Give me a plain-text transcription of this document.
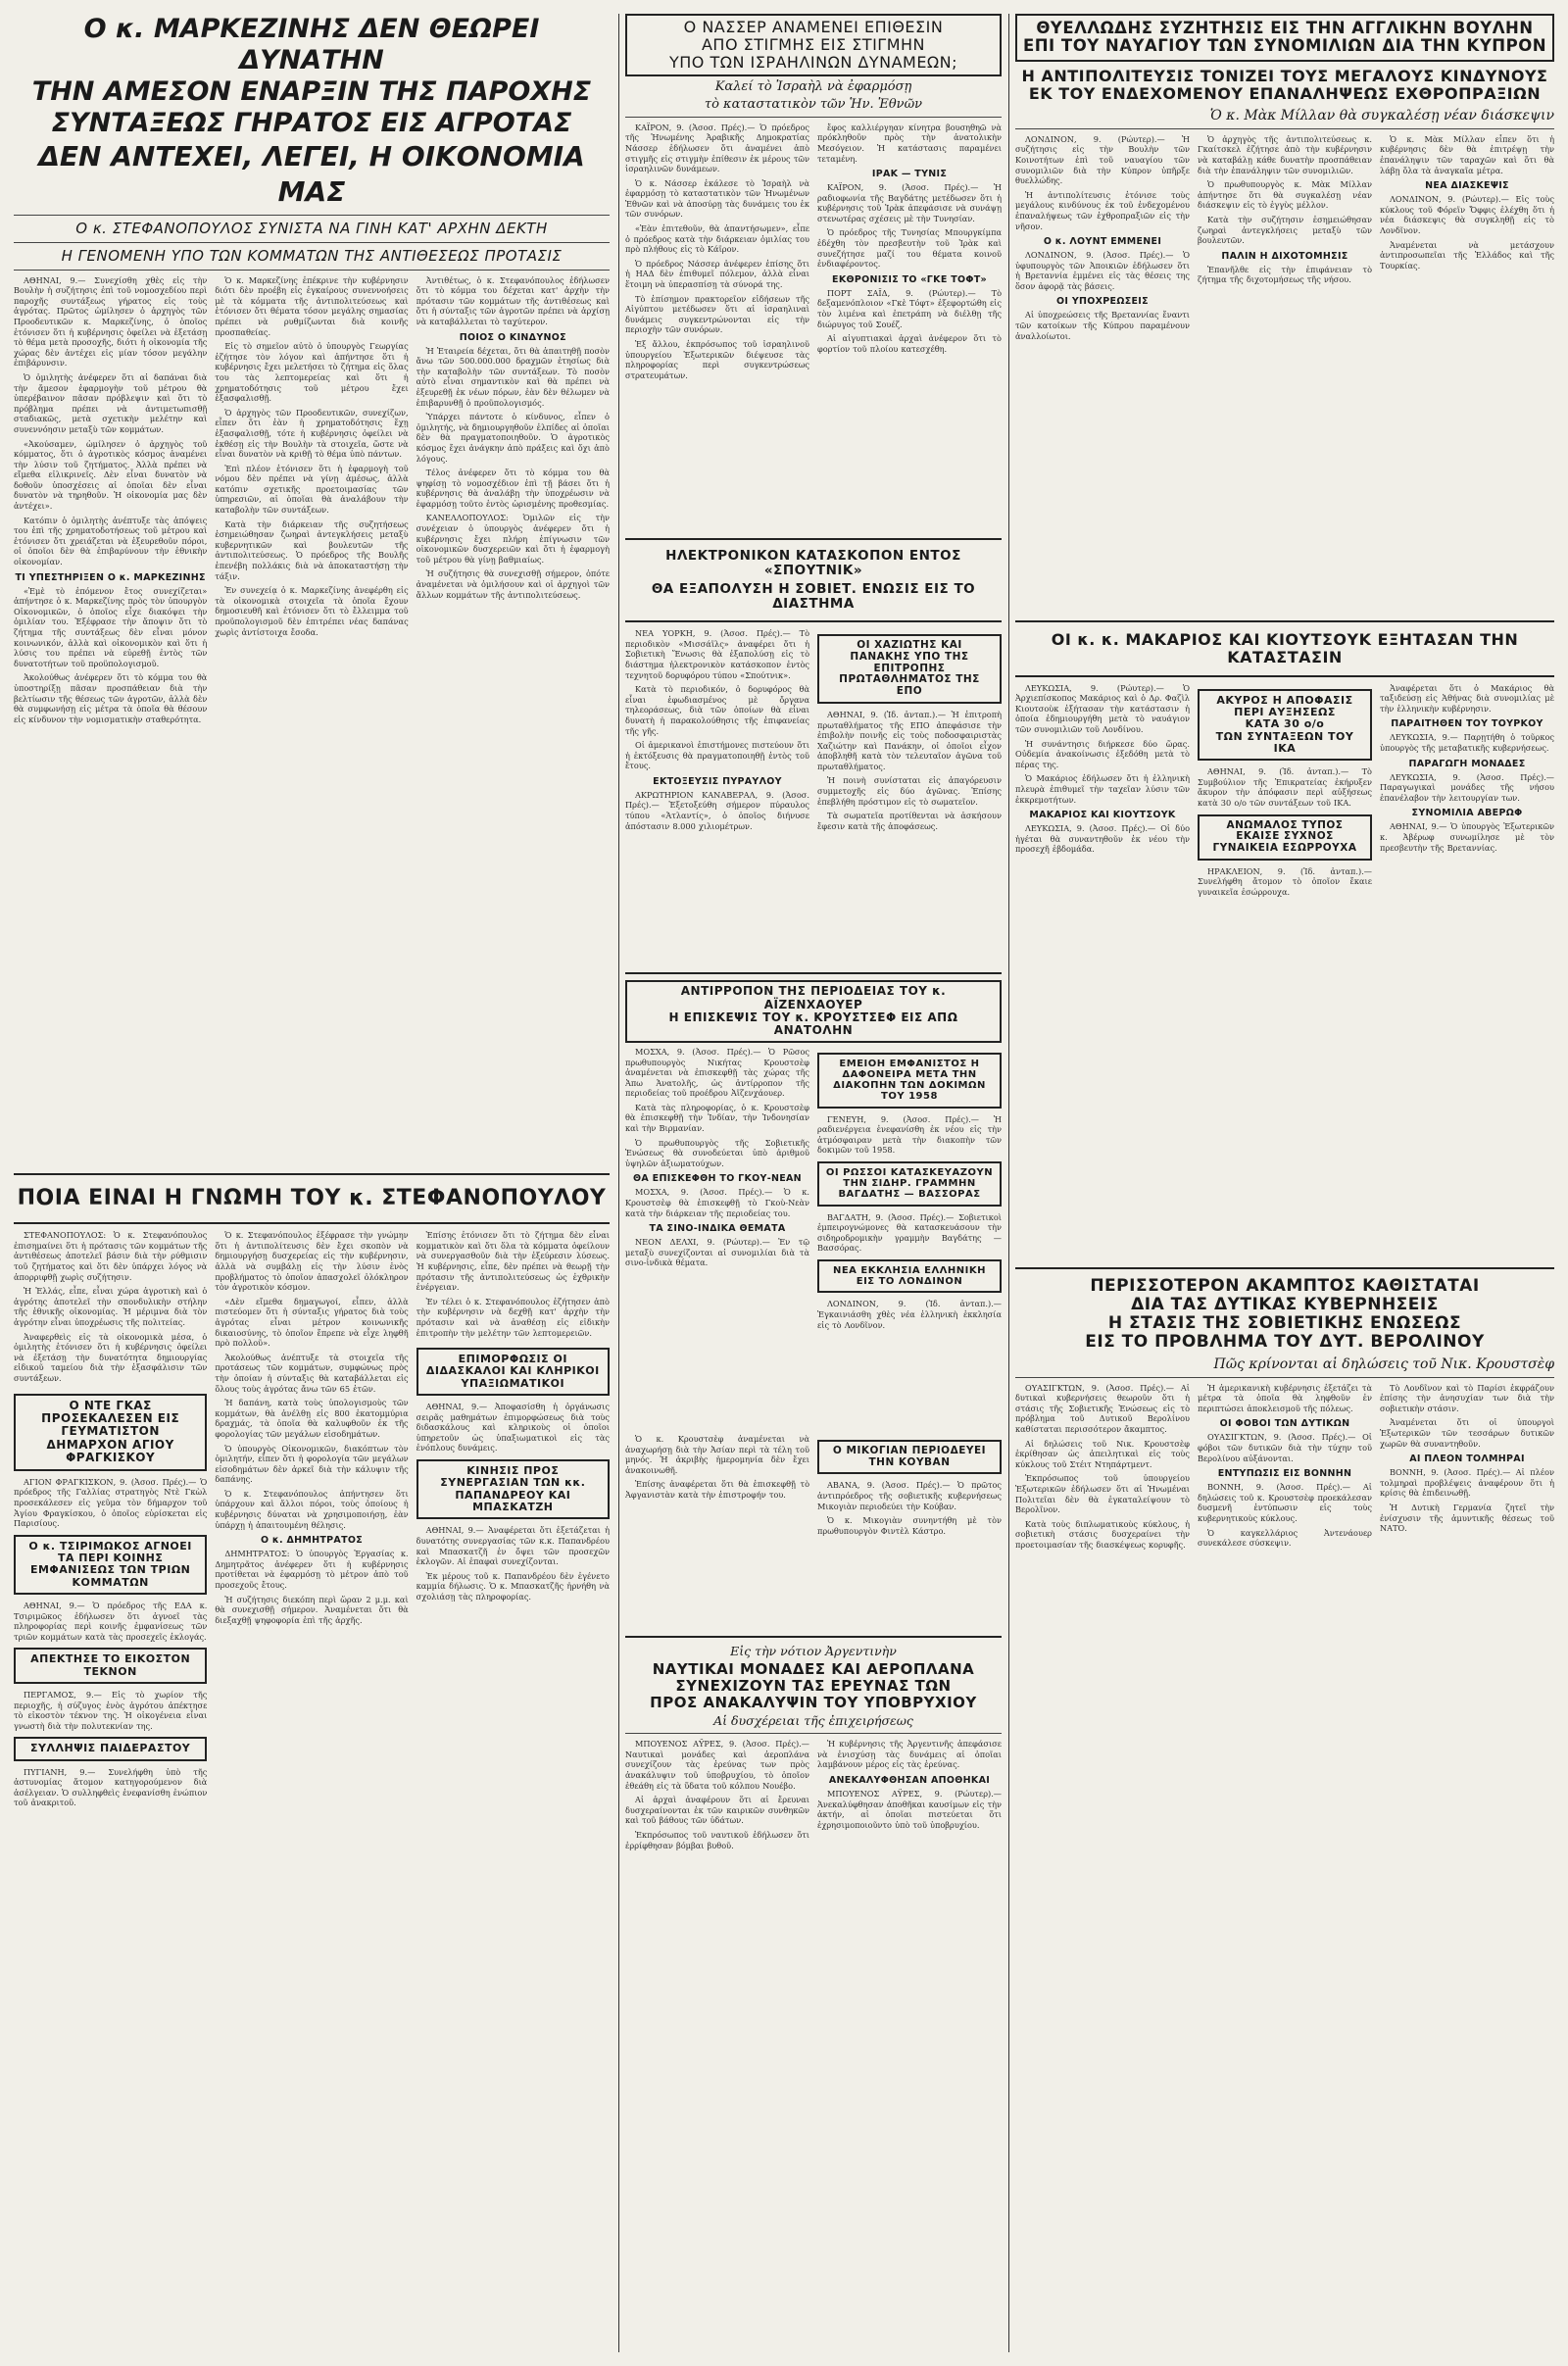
Ο κ. ΜΑΡΚΕΖΙΝΗΣ ΔΕΝ ΘΕΩΡΕΙ ΔΥΝΑΤΗΝ
ΤΗΝ ΑΜΕΣΟΝ ΕΝΑΡΞΙΝ ΤΗΣ ΠΑΡΟΧΗΣ
ΣΥΝΤΑΞΕΩΣ ΓΗΡΑΤΟΣ ΕΙΣ ΑΓΡΟΤΑΣ
ΔΕΝ ΑΝΤΕΧΕΙ, ΛΕΓΕΙ, Η ΟΙΚΟΝΟΜΙΑ ΜΑΣ
Ο κ. ΣΤΕΦΑΝΟΠΟΥΛΟΣ ΣΥΝΙΣΤΑ ΝΑ ΓΙΝΗ ΚΑΤ' ΑΡΧΗΝ ΔΕΚΤΗ
Η ΓΕΝΟΜΕΝΗ ΥΠΟ ΤΩΝ ΚΟΜΜΑΤΩΝ ΤΗΣ ΑΝΤΙΘΕΣΕΩΣ ΠΡΟΤΑΣΙΣ

ΑΘΗΝΑΙ, 9.— Συνεχίσθη χθὲς εἰς τὴν Βουλὴν ἡ συζήτησις ἐπὶ τοῦ νομοσχεδίου περὶ παροχῆς συντάξεως γήρατος εἰς τοὺς ἀγρότας. Πρῶτος ὡμίλησεν ὁ ἀρχηγὸς τῶν Προοδευτικῶν κ. Μαρκεζίνης, ὁ ὁποῖος ἐτόνισεν ὅτι ἡ κυβέρνησις ὀφείλει νὰ ἐξετάσῃ τὸ θέμα μετὰ προσοχῆς, διότι ἡ οἰκονομία τῆς χώρας δὲν ἀντέχει εἰς μίαν τόσον μεγάλην ἐπιβάρυνσιν.

Ὁ ὁμιλητὴς ἀνέφερεν ὅτι αἱ δαπάναι διὰ τὴν ἄμεσον ἐφαρμογὴν τοῦ μέτρου θὰ ὑπερέβαινον πᾶσαν πρόβλεψιν καὶ ὅτι τὸ πρόβλημα πρέπει νὰ ἀντιμετωπισθῇ σταδιακῶς, μετὰ σχετικὴν μελέτην καὶ συνεννόησιν μεταξὺ τῶν κομμάτων.

«Ἀκούσαμεν, ὡμίλησεν ὁ ἀρχηγὸς τοῦ κόμματος, ὅτι ὁ ἀγροτικὸς κόσμος ἀναμένει τὴν λύσιν τοῦ ζητήματος. Ἀλλὰ πρέπει νὰ εἴμεθα εἰλικρινεῖς. Δὲν εἶναι δυνατὸν νὰ δοθοῦν ὑποσχέσεις αἱ ὁποῖαι δὲν εἶναι δυνατὸν νὰ τηρηθοῦν. Ἡ οἰκονομία μας δὲν ἀντέχει».

Κατόπιν ὁ ὁμιλητὴς ἀνέπτυξε τὰς ἀπόψεις του ἐπὶ τῆς χρηματοδοτήσεως τοῦ μέτρου καὶ ἐτόνισεν ὅτι χρειάζεται νὰ ἐξευρεθοῦν πόροι, οἱ ὁποῖοι δὲν θὰ ἐπιβαρύνουν τὴν ἐθνικὴν οἰκονομίαν.

ΤΙ ΥΠΕΣΤΗΡΙΞΕΝ Ο κ. ΜΑΡΚΕΖΙΝΗΣ

«Ἐμὲ τὸ ἐπόμενον ἔτος συνεχίζεται» ἀπήντησε ὁ κ. Μαρκεζίνης πρὸς τὸν ὑπουργὸν Οἰκονομικῶν, ὁ ὁποῖος εἶχε διακόψει τὴν ὁμιλίαν του. Ἐξέφρασε τὴν ἄποψιν ὅτι τὸ ζήτημα τῆς συντάξεως δὲν εἶναι μόνον κοινωνικόν, ἀλλὰ καὶ οἰκονομικὸν καὶ ὅτι ἡ λύσις του πρέπει νὰ εὑρεθῇ ἐντὸς τῶν δυνατοτήτων τοῦ προϋπολογισμοῦ.

Ἀκολούθως ἀνέφερεν ὅτι τὸ κόμμα του θὰ ὑποστηρίξῃ πᾶσαν προσπάθειαν διὰ τὴν βελτίωσιν τῆς θέσεως τῶν ἀγροτῶν, ἀλλὰ δὲν θὰ συμφωνήσῃ εἰς μέτρα τὰ ὁποῖα θὰ θέσουν εἰς κίνδυνον τὴν νομισματικὴν σταθερότητα.

Ὁ κ. Μαρκεζίνης ἐπέκρινε τὴν κυβέρνησιν διότι δὲν προέβη εἰς ἐγκαίρους συνεννοήσεις μὲ τὰ κόμματα τῆς ἀντιπολιτεύσεως καὶ ἐτόνισεν ὅτι θέματα τόσον μεγάλης σημασίας πρέπει νὰ ρυθμίζωνται διὰ κοινῆς προσπαθείας.

Εἰς τὸ σημεῖον αὐτὸ ὁ ὑπουργὸς Γεωργίας ἐζήτησε τὸν λόγον καὶ ἀπήντησε ὅτι ἡ κυβέρνησις ἔχει μελετήσει τὸ ζήτημα εἰς ὅλας του τὰς λεπτομερείας καὶ ὅτι ἡ χρηματοδότησις τοῦ μέτρου ἔχει ἐξασφαλισθῇ.

Ὁ ἀρχηγὸς τῶν Προοδευτικῶν, συνεχίζων, εἶπεν ὅτι ἐὰν ἡ χρηματοδότησις ἔχῃ ἐξασφαλισθῇ, τότε ἡ κυβέρνησις ὀφείλει νὰ ἐκθέσῃ εἰς τὴν Βουλὴν τὰ στοιχεῖα, ὥστε νὰ εἶναι δυνατὸν νὰ κριθῇ τὸ θέμα ὑπὸ πάντων.

Ἐπὶ πλέον ἐτόνισεν ὅτι ἡ ἐφαρμογὴ τοῦ νόμου δὲν πρέπει νὰ γίνῃ ἀμέσως, ἀλλὰ κατόπιν σχετικῆς προετοιμασίας τῶν ὑπηρεσιῶν, αἱ ὁποῖαι θὰ ἀναλάβουν τὴν καταβολὴν τῶν συντάξεων.

Κατὰ τὴν διάρκειαν τῆς συζητήσεως ἐσημειώθησαν ζωηραὶ ἀντεγκλήσεις μεταξὺ κυβερνητικῶν καὶ βουλευτῶν τῆς ἀντιπολιτεύσεως. Ὁ πρόεδρος τῆς Βουλῆς ἐπενέβη πολλάκις διὰ νὰ ἀποκαταστήσῃ τὴν τάξιν.

Ἐν συνεχείᾳ ὁ κ. Μαρκεζίνης ἀνεφέρθη εἰς τὰ οἰκονομικὰ στοιχεῖα τὰ ὁποῖα ἔχουν δημοσιευθῆ καὶ ἐτόνισεν ὅτι τὸ ἔλλειμμα τοῦ προϋπολογισμοῦ δὲν ἐπιτρέπει νέας δαπάνας χωρὶς ἀντίστοιχα ἔσοδα.

Ἀντιθέτως, ὁ κ. Στεφανόπουλος ἐδήλωσεν ὅτι τὸ κόμμα του δέχεται κατ' ἀρχὴν τὴν πρότασιν τῶν κομμάτων τῆς ἀντιθέσεως καὶ ὅτι ἡ σύνταξις τῶν ἀγροτῶν πρέπει νὰ ἀρχίσῃ νὰ καταβάλλεται τὸ ταχύτερον.

ΠΟΙΟΣ Ο ΚΙΝΔΥΝΟΣ

Ἡ Ἑταιρεία δέχεται, ὅτι θὰ ἀπαιτηθῇ ποσὸν ἄνω τῶν 500.000.000 δραχμῶν ἐτησίως διὰ τὴν καταβολὴν τῶν συντάξεων. Τὸ ποσὸν αὐτὸ εἶναι σημαντικὸν καὶ θὰ πρέπει νὰ ἐξευρεθῇ ἐκ νέων πόρων, ἐὰν δὲν θέλωμεν νὰ ἐπιβαρυνθῇ ὁ προϋπολογισμός.

Ὑπάρχει πάντοτε ὁ κίνδυνος, εἶπεν ὁ ὁμιλητής, νὰ δημιουργηθοῦν ἐλπίδες αἱ ὁποῖαι δὲν θὰ πραγματοποιηθοῦν. Ὁ ἀγροτικὸς κόσμος ἔχει ἀνάγκην ἀπὸ πράξεις καὶ ὄχι ἀπὸ λόγους.

Τέλος ἀνέφερεν ὅτι τὸ κόμμα του θὰ ψηφίσῃ τὸ νομοσχέδιον ἐπὶ τῇ βάσει ὅτι ἡ κυβέρνησις θὰ ἀναλάβῃ τὴν ὑποχρέωσιν νὰ ἐφαρμόσῃ τοῦτο ἐντὸς ὡρισμένης προθεσμίας.

ΚΑΝΕΛΛΟΠΟΥΛΟΣ: Ὁμιλῶν εἰς τὴν συνέχειαν ὁ ὑπουργὸς ἀνέφερεν ὅτι ἡ κυβέρνησις ἔχει πλήρη ἐπίγνωσιν τῶν οἰκονομικῶν δυσχερειῶν καὶ ὅτι ἡ ἐφαρμογὴ τοῦ μέτρου θὰ γίνῃ βαθμιαίως.

Ἡ συζήτησις θὰ συνεχισθῇ σήμερον, ὁπότε ἀναμένεται νὰ ὁμιλήσουν καὶ οἱ ἀρχηγοὶ τῶν ἄλλων κομμάτων τῆς ἀντιπολιτεύσεως.

ΠΟΙΑ ΕΙΝΑΙ Η ΓΝΩΜΗ ΤΟΥ κ. ΣΤΕΦΑΝΟΠΟΥΛΟΥ

ΣΤΕΦΑΝΟΠΟΥΛΟΣ: Ὁ κ. Στεφανόπουλος ἐπισημαίνει ὅτι ἡ πρότασις τῶν κομμάτων τῆς ἀντιθέσεως ἀποτελεῖ βάσιν διὰ τὴν ρύθμισιν τοῦ ζητήματος καὶ ὅτι δὲν ὑπάρχει λόγος νὰ ἀπορριφθῇ χωρὶς συζήτησιν.

Ἡ Ἑλλάς, εἶπε, εἶναι χώρα ἀγροτικὴ καὶ ὁ ἀγρότης ἀποτελεῖ τὴν σπονδυλικὴν στήλην τῆς ἐθνικῆς οἰκονομίας. Ἡ μέριμνα διὰ τὸν ἀγρότην εἶναι ὑποχρέωσις τῆς πολιτείας.

Ἀναφερθεὶς εἰς τὰ οἰκονομικὰ μέσα, ὁ ὁμιλητὴς ἐτόνισεν ὅτι ἡ κυβέρνησις ὀφείλει νὰ ἐξετάσῃ τὴν δυνατότητα δημιουργίας εἰδικοῦ ταμείου διὰ τὴν ἐξασφάλισιν τῶν συντάξεων.

Ο ΝΤΕ ΓΚΑΣ ΠΡΟΣΕΚΑΛΕΣΕΝ ΕΙΣ ΓΕΥΜΑΤΙΣΤΟΝ ΔΗΜΑΡΧΟΝ ΑΓΙΟΥ ΦΡΑΓΚΙΣΚΟΥ

ΑΓΙΟΝ ΦΡΑΓΚΙΣΚΟΝ, 9. (Ἀσοσ. Πρές).— Ὁ πρόεδρος τῆς Γαλλίας στρατηγὸς Ντὲ Γκὼλ προσεκάλεσεν εἰς γεῦμα τὸν δήμαρχον τοῦ Ἁγίου Φραγκίσκου, ὁ ὁποῖος εὑρίσκεται εἰς Παρισίους.

Ο κ. ΤΣΙΡΙΜΩΚΟΣ ΑΓΝΟΕΙ ΤΑ ΠΕΡΙ ΚΟΙΝΗΣ ΕΜΦΑΝΙΣΕΩΣ ΤΩΝ ΤΡΙΩΝ ΚΟΜΜΑΤΩΝ

ΑΘΗΝΑΙ, 9.— Ὁ πρόεδρος τῆς ΕΔΑ κ. Τσιριμῶκος ἐδήλωσεν ὅτι ἀγνοεῖ τὰς πληροφορίας περὶ κοινῆς ἐμφανίσεως τῶν τριῶν κομμάτων κατὰ τὰς προσεχεῖς ἐκλογάς.

ΑΠΕΚΤΗΣΕ ΤΟ ΕΙΚΟΣΤΟΝ ΤΕΚΝΟΝ

ΠΕΡΓΑΜΟΣ, 9.— Εἰς τὸ χωρίον τῆς περιοχῆς, ἡ σύζυγος ἐνὸς ἀγρότου ἀπέκτησε τὸ εἰκοστὸν τέκνον της. Ἡ οἰκογένεια εἶναι γνωστὴ διὰ τὴν πολυτεκνίαν της.

ΣΥΛΛΗΨΙΣ ΠΑΙΔΕΡΑΣΤΟΥ

ΠΥΓΙΑΝΗ, 9.— Συνελήφθη ὑπὸ τῆς ἀστυνομίας ἄτομον κατηγορούμενον διὰ ἀσέλγειαν. Ὁ συλληφθεὶς ἐνεφανίσθη ἐνώπιον τοῦ ἀνακριτοῦ.

Ὁ κ. Στεφανόπουλος ἐξέφρασε τὴν γνώμην ὅτι ἡ ἀντιπολίτευσις δὲν ἔχει σκοπὸν νὰ δημιουργήσῃ δυσχερείας εἰς τὴν κυβέρνησιν, ἀλλὰ νὰ συμβάλῃ εἰς τὴν λύσιν ἑνὸς προβλήματος τὸ ὁποῖον ἀπασχολεῖ ὁλόκληρον τὸν ἀγροτικὸν κόσμον.

«Δὲν εἴμεθα δημαγωγοί, εἶπεν, ἀλλὰ πιστεύομεν ὅτι ἡ σύνταξις γήρατος διὰ τοὺς ἀγρότας εἶναι μέτρον κοινωνικῆς δικαιοσύνης, τὸ ὁποῖον ἔπρεπε νὰ εἶχε ληφθῆ πρὸ πολλοῦ».

Ἀκολούθως ἀνέπτυξε τὰ στοιχεῖα τῆς προτάσεως τῶν κομμάτων, συμφώνως πρὸς τὴν ὁποίαν ἡ σύνταξις θὰ καταβάλλεται εἰς ὅλους τοὺς ἀγρότας ἄνω τῶν 65 ἐτῶν.

Ἡ δαπάνη, κατὰ τοὺς ὑπολογισμοὺς τῶν κομμάτων, θὰ ἀνέλθῃ εἰς 800 ἑκατομμύρια δραχμάς, τὰ ὁποῖα θὰ καλυφθοῦν ἐκ τῆς φορολογίας τῶν μεγάλων εἰσοδημάτων.

Ὁ ὑπουργὸς Οἰκονομικῶν, διακόπτων τὸν ὁμιλητήν, εἶπεν ὅτι ἡ φορολογία τῶν μεγάλων εἰσοδημάτων δὲν ἀρκεῖ διὰ τὴν κάλυψιν τῆς δαπάνης.

Ὁ κ. Στεφανόπουλος ἀπήντησεν ὅτι ὑπάρχουν καὶ ἄλλοι πόροι, τοὺς ὁποίους ἡ κυβέρνησις δύναται νὰ χρησιμοποιήσῃ, ἐὰν ὑπάρχῃ ἡ ἀπαιτουμένη θέλησις.

Ο κ. ΔΗΜΗΤΡΑΤΟΣ

ΔΗΜΗΤΡΑΤΟΣ: Ὁ ὑπουργὸς Ἐργασίας κ. Δημητρᾶτος ἀνέφερεν ὅτι ἡ κυβέρνησις προτίθεται νὰ ἐφαρμόσῃ τὸ μέτρον ἀπὸ τοῦ προσεχοῦς ἔτους.

Ἡ συζήτησις διεκόπη περὶ ὥραν 2 μ.μ. καὶ θὰ συνεχισθῇ σήμερον. Ἀναμένεται ὅτι θὰ διεξαχθῇ ψηφοφορία ἐπὶ τῆς ἀρχῆς.

Ἐπίσης ἐτόνισεν ὅτι τὸ ζήτημα δὲν εἶναι κομματικὸν καὶ ὅτι ὅλα τὰ κόμματα ὀφείλουν νὰ συνεργασθοῦν διὰ τὴν ἐξεύρεσιν λύσεως. Ἡ κυβέρνησις, εἶπε, δὲν πρέπει νὰ θεωρῇ τὴν πρότασιν τῆς ἀντιπολιτεύσεως ὡς ἐχθρικὴν ἐνέργειαν.

Ἐν τέλει ὁ κ. Στεφανόπουλος ἐζήτησεν ἀπὸ τὴν κυβέρνησιν νὰ δεχθῇ κατ' ἀρχὴν τὴν πρότασιν καὶ νὰ ἀναθέσῃ εἰς εἰδικὴν ἐπιτροπὴν τὴν μελέτην τῶν λεπτομερειῶν.

ΕΠΙΜΟΡΦΩΣΙΣ ΟΙ ΔΙΔΑΣΚΑΛΟΙ ΚΑΙ ΚΛΗΡΙΚΟΙ ΥΠΑΞΙΩΜΑΤΙΚΟΙ

ΑΘΗΝΑΙ, 9.— Ἀποφασίσθη ἡ ὀργάνωσις σειρᾶς μαθημάτων ἐπιμορφώσεως διὰ τοὺς διδασκάλους καὶ κληρικοὺς οἱ ὁποῖοι ὑπηρετοῦν ὡς ὑπαξιωματικοὶ εἰς τὰς ἐνόπλους δυνάμεις.

ΚΙΝΗΣΙΣ ΠΡΟΣ ΣΥΝΕΡΓΑΣΙΑΝ ΤΩΝ κκ. ΠΑΠΑΝΔΡΕΟΥ ΚΑΙ ΜΠΑΣΚΑΤΖΗ

ΑΘΗΝΑΙ, 9.— Ἀναφέρεται ὅτι ἐξετάζεται ἡ δυνατότης συνεργασίας τῶν κ.κ. Παπανδρέου καὶ Μπασκατζῆ ἐν ὄψει τῶν προσεχῶν ἐκλογῶν. Αἱ ἐπαφαὶ συνεχίζονται.

Ἐκ μέρους τοῦ κ. Παπανδρέου δὲν ἐγένετο καμμία δήλωσις. Ὁ κ. Μπασκατζῆς ἠρνήθη νὰ σχολιάσῃ τὰς πληροφορίας.

Ο ΝΑΣΣΕΡ ΑΝΑΜΕΝΕΙ ΕΠΙΘΕΣΙΝ
ΑΠΟ ΣΤΙΓΜΗΣ ΕΙΣ ΣΤΙΓΜΗΝ
ΥΠΟ ΤΩΝ ΙΣΡΑΗΛΙΝΩΝ ΔΥΝΑΜΕΩΝ;
Καλεί τὸ Ἰσραὴλ νὰ ἐφαρμόσῃ
τὸ καταστατικὸν τῶν Ἡν. Ἐθνῶν

ΚΑΪΡΟΝ, 9. (Ἀσοσ. Πρές).— Ὁ πρόεδρος τῆς Ἡνωμένης Ἀραβικῆς Δημοκρατίας Νάσσερ ἐδήλωσεν ὅτι ἀναμένει ἀπὸ στιγμῆς εἰς στιγμὴν ἐπίθεσιν ἐκ μέρους τῶν ἰσραηλινῶν δυνάμεων.

Ὁ κ. Νάσσερ ἐκάλεσε τὸ Ἰσραὴλ νὰ ἐφαρμόσῃ τὸ καταστατικὸν τῶν Ἡνωμένων Ἐθνῶν καὶ νὰ ἀποσύρῃ τὰς δυνάμεις του ἐκ τῶν συνόρων.

«Ἐὰν ἐπιτεθοῦν, θὰ ἀπαντήσωμεν», εἶπε ὁ πρόεδρος κατὰ τὴν διάρκειαν ὁμιλίας του πρὸ πλήθους εἰς τὸ Κάϊρον.

Ὁ πρόεδρος Νάσσερ ἀνέφερεν ἐπίσης ὅτι ἡ ΗΑΔ δὲν ἐπιθυμεῖ πόλεμον, ἀλλὰ εἶναι ἕτοιμη νὰ ὑπερασπίσῃ τὰ σύνορά της.

Τὸ ἐπίσημον πρακτορεῖον εἰδήσεων τῆς Αἰγύπτου μετέδωσεν ὅτι αἱ ἰσραηλιναὶ δυνάμεις συγκεντρώνονται εἰς τὴν περιοχὴν τῶν συνόρων.

Ἐξ ἄλλου, ἐκπρόσωπος τοῦ ἰσραηλινοῦ ὑπουργείου Ἐξωτερικῶν διέψευσε τὰς πληροφορίας περὶ συγκεντρώσεως στρατευμάτων.

ἔφος καλλιέργηαν κίνητρα βουσηθηῶ νὰ πρόκληθοῦν πρὸς τὴν ἀνατολικὴν Μεσόγειον. Ἡ κατάστασις παραμένει τεταμένη.

ΙΡΑΚ — ΤΥΝΙΣ

ΚΑΪΡΟΝ, 9. (Ἀσοσ. Πρές).— Ἡ ραδιοφωνία τῆς Βαγδάτης μετέδωσεν ὅτι ἡ κυβέρνησις τοῦ Ἰρὰκ ἀπεφάσισε νὰ συνάψῃ στενωτέρας σχέσεις μὲ τὴν Τυνησίαν.

Ὁ πρόεδρος τῆς Τυνησίας Μπουργκίμπα ἐδέχθη τὸν πρεσβευτὴν τοῦ Ἰρὰκ καὶ συνεζήτησε μαζί του θέματα κοινοῦ ἐνδιαφέροντος.

ΕΚΘΡΟΝΙΣΙΣ ΤΟ «ΓΚΕ ΤΟΦΤ»

ΠΟΡΤ ΣΑΪΔ, 9. (Ρώυτερ).— Τὸ δεξαμενόπλοιον «Γκὲ Τόφτ» ἐξεφορτώθη εἰς τὸν λιμένα καὶ ἐπετράπη νὰ διέλθῃ τῆς διώρυγος τοῦ Σουέζ.

Αἱ αἰγυπτιακαὶ ἀρχαὶ ἀνέφερον ὅτι τὸ φορτίον τοῦ πλοίου κατεσχέθη.

ΗΛΕΚΤΡΟΝΙΚΟΝ ΚΑΤΑΣΚΟΠΟΝ ΕΝΤΟΣ «ΣΠΟΥΤΝΙΚ»
ΘΑ ΕΞΑΠΟΛΥΣΗ Η ΣΟΒΙΕΤ. ΕΝΩΣΙΣ ΕΙΣ ΤΟ ΔΙΑΣΤΗΜΑ

ΝΕΑ ΥΟΡΚΗ, 9. (Ἀσοσ. Πρές).— Τὸ περιοδικὸν «Μισσάϊλς» ἀναφέρει ὅτι ἡ Σοβιετικὴ Ἕνωσις θὰ ἐξαπολύσῃ εἰς τὸ διάστημα ἠλεκτρονικὸν κατάσκοπον ἐντὸς τεχνητοῦ δορυφόρου τύπου «Σπούτνικ».

Κατὰ τὸ περιοδικόν, ὁ δορυφόρος θὰ εἶναι ἐφωδιασμένος μὲ ὄργανα τηλεοράσεως, διὰ τῶν ὁποίων θὰ εἶναι δυνατὴ ἡ παρακολούθησις τῆς ἐπιφανείας τῆς γῆς.

Οἱ ἀμερικανοὶ ἐπιστήμονες πιστεύουν ὅτι ἡ ἐκτόξευσις θὰ πραγματοποιηθῇ ἐντὸς τοῦ ἔτους.

ΕΚΤΟΞΕΥΣΙΣ ΠΥΡΑΥΛΟΥ

ΑΚΡΩΤΗΡΙΟΝ ΚΑΝΑΒΕΡΑΛ, 9. (Ἀσοσ. Πρές).— Ἐξετοξεύθη σήμερον πύραυλος τύπου «Ἀτλαντίς», ὁ ὁποῖος διήνυσε ἀπόστασιν 8.000 χιλιομέτρων.

ΟΙ ΧΑΖΙΩΤΗΣ ΚΑΙ ΠΑΝΑΚΗΣ ΥΠΟ ΤΗΣ ΕΠΙΤΡΟΠΗΣ ΠΡΩΤΑΘΛΗΜΑΤΟΣ ΤΗΣ ΕΠΟ

ΑΘΗΝΑΙ, 9. (Ἰδ. ἀνταπ.).— Ἡ ἐπιτροπὴ πρωταθλήματος τῆς ΕΠΟ ἀπεφάσισε τὴν ἐπιβολὴν ποινῆς εἰς τοὺς ποδοσφαιριστὰς Χαζιώτην καὶ Πανάκην, οἱ ὁποῖοι εἶχον ἀποβληθῆ κατὰ τὸν τελευταῖον ἀγῶνα τοῦ πρωταθλήματος.

Ἡ ποινὴ συνίσταται εἰς ἀπαγόρευσιν συμμετοχῆς εἰς δύο ἀγῶνας. Ἐπίσης ἐπεβλήθη πρόστιμον εἰς τὸ σωματεῖον.

Τὰ σωματεῖα προτίθενται νὰ ἀσκήσουν ἔφεσιν κατὰ τῆς ἀποφάσεως.

ΑΝΤΙΡΡΟΠΟΝ ΤΗΣ ΠΕΡΙΟΔΕΙΑΣ ΤΟΥ κ. ΑΪΖΕΝΧΑΟΥΕΡ
Η ΕΠΙΣΚΕΨΙΣ ΤΟΥ κ. ΚΡΟΥΣΤΣΕΦ ΕΙΣ ΑΠΩ ΑΝΑΤΟΛΗΝ

ΜΟΣΧΑ, 9. (Ἀσοσ. Πρές).— Ὁ Ρῶσος πρωθυπουργὸς Νικήτας Κρουστσὲφ ἀναμένεται νὰ ἐπισκεφθῇ τὰς χώρας τῆς Ἀπω Ἀνατολῆς, ὡς ἀντίρροπον τῆς περιοδείας τοῦ προέδρου Ἀϊζενχάουερ.

Κατὰ τὰς πληροφορίας, ὁ κ. Κρουστσὲφ θὰ ἐπισκεφθῇ τὴν Ἰνδίαν, τὴν Ἰνδονησίαν καὶ τὴν Βιρμανίαν.

Ὁ πρωθυπουργὸς τῆς Σοβιετικῆς Ἑνώσεως θὰ συνοδεύεται ὑπὸ ἀριθμοῦ ὑψηλῶν ἀξιωματούχων.

ΘΑ ΕΠΙΣΚΕΦΘΗ ΤΟ ΓΚΟΥ-ΝΕΑΝ

ΜΟΣΧΑ, 9. (Ἀσοσ. Πρές).— Ὁ κ. Κρουστσὲφ θὰ ἐπισκεφθῇ τὸ Γκοὺ-Νεὰν κατὰ τὴν διάρκειαν τῆς περιοδείας του.

ΤΑ ΣΙΝΟ-ΙΝΔΙΚΑ ΘΕΜΑΤΑ

ΝΕΟΝ ΔΕΛΧΙ, 9. (Ρώυτερ).— Ἐν τῷ μεταξὺ συνεχίζονται αἱ συνομιλίαι διὰ τὰ σινο-ἰνδικὰ θέματα.

ΕΜΕΙΟΗ ΕΜΦΑΝΙΣΤΟΣ Η ΔΑΦΟΝΕΙΡΑ ΜΕΤΑ ΤΗΝ ΔΙΑΚΟΠΗΝ ΤΩΝ ΔΟΚΙΜΩΝ ΤΟΥ 1958

ΓΕΝΕΥΗ, 9. (Ἀσοσ. Πρές).— Ἡ ραδιενέργεια ἐνεφανίσθη ἐκ νέου εἰς τὴν ἀτμόσφαιραν μετὰ τὴν διακοπὴν τῶν δοκιμῶν τοῦ 1958.

ΟΙ ΡΩΣΣΟΙ ΚΑΤΑΣΚΕΥΑΖΟΥΝ ΤΗΝ ΣΙΔΗΡ. ΓΡΑΜΜΗΝ ΒΑΓΔΑΤΗΣ — ΒΑΣΣΟΡΑΣ

ΒΑΓΔΑΤΗ, 9. (Ἀσοσ. Πρές).— Σοβιετικοὶ ἐμπειρογνώμονες θὰ κατασκευάσουν τὴν σιδηροδρομικὴν γραμμὴν Βαγδάτης — Βασσόρας.

ΝΕΑ ΕΚΚΛΗΣΙΑ ΕΛΛΗΝΙΚΗ ΕΙΣ ΤΟ ΛΟΝΔΙΝΟΝ

ΛΟΝΔΙΝΟΝ, 9. (Ἰδ. ἀνταπ.).— Ἐγκαινιάσθη χθὲς νέα ἑλληνικὴ ἐκκλησία εἰς τὸ Λονδῖνον.

Ὁ κ. Κρουστσὲφ ἀναμένεται νὰ ἀναχωρήσῃ διὰ τὴν Ἀσίαν περὶ τὰ τέλη τοῦ μηνός. Ἡ ἀκριβὴς ἡμερομηνία δὲν ἔχει ἀνακοινωθῆ.

Ἐπίσης ἀναφέρεται ὅτι θὰ ἐπισκεφθῇ τὸ Ἀφγανιστὰν κατὰ τὴν ἐπιστροφήν του.

Ο ΜΙΚΟΓΙΑΝ ΠΕΡΙΟΔΕΥΕΙ ΤΗΝ ΚΟΥΒΑΝ

ΑΒΑΝΑ, 9. (Ἀσοσ. Πρές).— Ὁ πρῶτος ἀντιπρόεδρος τῆς σοβιετικῆς κυβερνήσεως Μικογιὰν περιοδεύει τὴν Κούβαν.

Ὁ κ. Μικογιὰν συνηντήθη μὲ τὸν πρωθυπουργὸν Φιντὲλ Κάστρο.

Εἰς τὴν νότιον Ἀργεντινὴν
ΝΑΥΤΙΚΑΙ ΜΟΝΑΔΕΣ ΚΑΙ ΑΕΡΟΠΛΑΝΑ
ΣΥΝΕΧΙΖΟΥΝ ΤΑΣ ΕΡΕΥΝΑΣ ΤΩΝ
ΠΡΟΣ ΑΝΑΚΑΛΥΨΙΝ ΤΟΥ ΥΠΟΒΡΥΧΙΟΥ
Αἱ δυσχέρειαι τῆς ἐπιχειρήσεως

ΜΠΟΥΕΝΟΣ ΑΫΡΕΣ, 9. (Ἀσοσ. Πρές).— Ναυτικαὶ μονάδες καὶ ἀεροπλάνα συνεχίζουν τὰς ἐρεύνας των πρὸς ἀνακάλυψιν τοῦ ὑποβρυχίου, τὸ ὁποῖον ἐθεάθη εἰς τὰ ὕδατα τοῦ κόλπου Νουέβο.

Αἱ ἀρχαὶ ἀναφέρουν ὅτι αἱ ἔρευναι δυσχεραίνονται ἐκ τῶν καιρικῶν συνθηκῶν καὶ τοῦ βάθους τῶν ὑδάτων.

Ἐκπρόσωπος τοῦ ναυτικοῦ ἐδήλωσεν ὅτι ἐρρίφθησαν βόμβαι βυθοῦ.

Ἡ κυβέρνησις τῆς Ἀργεντινῆς ἀπεφάσισε νὰ ἐνισχύσῃ τὰς δυνάμεις αἱ ὁποῖαι λαμβάνουν μέρος εἰς τὰς ἐρεύνας.

ΑΝΕΚΑΛΥΦΘΗΣΑΝ ΑΠΟΘΗΚΑΙ

ΜΠΟΥΕΝΟΣ ΑΫΡΕΣ, 9. (Ρώυτερ).— Ἀνεκαλύφθησαν ἀποθῆκαι καυσίμων εἰς τὴν ἀκτήν, αἱ ὁποῖαι πιστεύεται ὅτι ἐχρησιμοποιοῦντο ὑπὸ τοῦ ὑποβρυχίου.

ΘΥΕΛΛΩΔΗΣ ΣΥΖΗΤΗΣΙΣ ΕΙΣ ΤΗΝ ΑΓΓΛΙΚΗΝ ΒΟΥΛΗΝ
ΕΠΙ ΤΟΥ ΝΑΥΑΓΙΟΥ ΤΩΝ ΣΥΝΟΜΙΛΙΩΝ ΔΙΑ ΤΗΝ ΚΥΠΡΟΝ
Η ΑΝΤΙΠΟΛΙΤΕΥΣΙΣ ΤΟΝΙΖΕΙ ΤΟΥΣ ΜΕΓΑΛΟΥΣ ΚΙΝΔΥΝΟΥΣ
ΕΚ ΤΟΥ ΕΝΔΕΧΟΜΕΝΟΥ ΕΠΑΝΑΛΗΨΕΩΣ ΕΧΘΡΟΠΡΑΞΙΩΝ
Ὁ κ. Μὰκ Μίλλαν θὰ συγκαλέσῃ νέαν διάσκεψιν

ΛΟΝΔΙΝΟΝ, 9. (Ρώυτερ).— Ἡ συζήτησις εἰς τὴν Βουλὴν τῶν Κοινοτήτων ἐπὶ τοῦ ναυαγίου τῶν συνομιλιῶν διὰ τὴν Κύπρον ὑπῆρξε θυελλώδης.

Ἡ ἀντιπολίτευσις ἐτόνισε τοὺς μεγάλους κινδύνους ἐκ τοῦ ἐνδεχομένου ἐπαναλήψεως τῶν ἐχθροπραξιῶν εἰς τὴν νῆσον.

Ο κ. ΛΟΥΝΤ ΕΜΜΕΝΕΙ

ΛΟΝΔΙΝΟΝ, 9. (Ἀσοσ. Πρές).— Ὁ ὑφυπουργὸς τῶν Ἀποικιῶν ἐδήλωσεν ὅτι ἡ Βρεταννία ἐμμένει εἰς τὰς θέσεις της ὅσον ἀφορᾷ τὰς βάσεις.

ΟΙ ΥΠΟΧΡΕΩΣΕΙΣ

Αἱ ὑποχρεώσεις τῆς Βρεταννίας ἔναντι τῶν κατοίκων τῆς Κύπρου παραμένουν ἀναλλοίωτοι.

Ὁ ἀρχηγὸς τῆς ἀντιπολιτεύσεως κ. Γκαίτσκελ ἐζήτησε ἀπὸ τὴν κυβέρνησιν νὰ καταβάλῃ κάθε δυνατὴν προσπάθειαν διὰ τὴν ἐπανάληψιν τῶν συνομιλιῶν.

Ὁ πρωθυπουργὸς κ. Μὰκ Μίλλαν ἀπήντησε ὅτι θὰ συγκαλέσῃ νέαν διάσκεψιν εἰς τὸ ἐγγὺς μέλλον.

Κατὰ τὴν συζήτησιν ἐσημειώθησαν ζωηραὶ ἀντεγκλήσεις μεταξὺ τῶν βουλευτῶν.

ΠΑΛΙΝ Η ΔΙΧΟΤΟΜΗΣΙΣ

Ἐπανῆλθε εἰς τὴν ἐπιφάνειαν τὸ ζήτημα τῆς διχοτομήσεως τῆς νήσου.

Ὁ κ. Μὰκ Μίλλαν εἶπεν ὅτι ἡ κυβέρνησις δὲν θὰ ἐπιτρέψῃ τὴν ἐπανάληψιν τῶν ταραχῶν καὶ ὅτι θὰ λάβῃ ὅλα τὰ ἀναγκαῖα μέτρα.

ΝΕΑ ΔΙΑΣΚΕΨΙΣ

ΛΟΝΔΙΝΟΝ, 9. (Ρώυτερ).— Εἰς τοὺς κύκλους τοῦ Φόρεϊν Ὄφφις ἐλέχθη ὅτι ἡ νέα διάσκεψις θὰ συγκληθῇ εἰς τὸ Λονδῖνον.

Ἀναμένεται νὰ μετάσχουν ἀντιπροσωπεῖαι τῆς Ἑλλάδος καὶ τῆς Τουρκίας.

ΟΙ κ. κ. ΜΑΚΑΡΙΟΣ ΚΑΙ ΚΙΟΥΤΣΟΥΚ ΕΞΗΤΑΣΑΝ ΤΗΝ ΚΑΤΑΣΤΑΣΙΝ

ΛΕΥΚΩΣΙΑ, 9. (Ρώυτερ).— Ὁ Ἀρχιεπίσκοπος Μακάριος καὶ ὁ Δρ. Φαζὶλ Κιουτσοὺκ ἐξήτασαν τὴν κατάστασιν ἡ ὁποία ἐδημιουργήθη μετὰ τὸ ναυάγιον τῶν συνομιλιῶν τοῦ Λονδίνου.

Ἡ συνάντησις διήρκεσε δύο ὥρας. Οὐδεμία ἀνακοίνωσις ἐξεδόθη μετὰ τὸ πέρας της.

Ὁ Μακάριος ἐδήλωσεν ὅτι ἡ ἑλληνικὴ πλευρὰ ἐπιθυμεῖ τὴν ταχεῖαν λύσιν τῶν ἐκκρεμοτήτων.

ΜΑΚΑΡΙΟΣ ΚΑΙ ΚΙΟΥΤΣΟΥΚ

ΛΕΥΚΩΣΙΑ, 9. (Ἀσοσ. Πρές).— Οἱ δύο ἡγέται θὰ συναντηθοῦν ἐκ νέου τὴν προσεχῆ ἑβδομάδα.

ΑΚΥΡΟΣ Η ΑΠΟΦΑΣΙΣ
ΠΕΡΙ ΑΥΞΗΣΕΩΣ
ΚΑΤΑ 30 ο/ο
ΤΩΝ ΣΥΝΤΑΞΕΩΝ ΤΟΥ ΙΚΑ

ΑΘΗΝΑΙ, 9. (Ἰδ. ἀνταπ.).— Τὸ Συμβούλιον τῆς Ἐπικρατείας ἐκήρυξεν ἄκυρον τὴν ἀπόφασιν περὶ αὐξήσεως κατὰ 30 ο/ο τῶν συντάξεων τοῦ ΙΚΑ.

ΑΝΩΜΑΛΟΣ ΤΥΠΟΣ
ΕΚΑΙΣΕ ΣΥΧΝΟΣ
ΓΥΝΑΙΚΕΙΑ ΕΣΩΡΡΟΥΧΑ

ΗΡΑΚΛΕΙΟΝ, 9. (Ἰδ. ἀνταπ.).— Συνελήφθη ἄτομον τὸ ὁποῖον ἔκαιε γυναικεῖα ἐσώρρουχα.

Ἀναφέρεται ὅτι ὁ Μακάριος θὰ ταξιδεύσῃ εἰς Ἀθήνας διὰ συνομιλίας μὲ τὴν ἑλληνικὴν κυβέρνησιν.

ΠΑΡΑΙΤΗΘΕΝ ΤΟΥ ΤΟΥΡΚΟΥ

ΛΕΥΚΩΣΙΑ, 9.— Παρῃτήθη ὁ τοῦρκος ὑπουργὸς τῆς μεταβατικῆς κυβερνήσεως.

ΠΑΡΑΓΩΓΗ ΜΟΝΑΔΕΣ

ΛΕΥΚΩΣΙΑ, 9. (Ἀσοσ. Πρές).— Παραγωγικαὶ μονάδες τῆς νήσου ἐπανέλαβον τὴν λειτουργίαν των.

ΣΥΝΟΜΙΛΙΑ ΑΒΕΡΩΦ

ΑΘΗΝΑΙ, 9.— Ὁ ὑπουργὸς Ἐξωτερικῶν κ. Ἀβέρωφ συνωμίλησε μὲ τὸν πρεσβευτὴν τῆς Βρεταννίας.

ΠΕΡΙΣΣΟΤΕΡΟΝ ΑΚΑΜΠΤΟΣ ΚΑΘΙΣΤΑΤΑΙ
ΔΙΑ ΤΑΣ ΔΥΤΙΚΑΣ ΚΥΒΕΡΝΗΣΕΙΣ
Η ΣΤΑΣΙΣ ΤΗΣ ΣΟΒΙΕΤΙΚΗΣ ΕΝΩΣΕΩΣ
ΕΙΣ ΤΟ ΠΡΟΒΛΗΜΑ ΤΟΥ ΔΥΤ. ΒΕΡΟΛΙΝΟΥ
Πῶς κρίνονται αἱ δηλώσεις τοῦ Νικ. Κρουστσὲφ

ΟΥΑΣΙΓΚΤΩΝ, 9. (Ἀσοσ. Πρές).— Αἱ δυτικαὶ κυβερνήσεις θεωροῦν ὅτι ἡ στάσις τῆς Σοβιετικῆς Ἑνώσεως εἰς τὸ πρόβλημα τοῦ Δυτικοῦ Βερολίνου καθίσταται περισσότερον ἄκαμπτος.

Αἱ δηλώσεις τοῦ Νικ. Κρουστσὲφ ἐκρίθησαν ὡς ἀπειλητικαὶ εἰς τοὺς κύκλους τοῦ Στέιτ Ντηπάρτμεντ.

Ἐκπρόσωπος τοῦ ὑπουργείου Ἐξωτερικῶν ἐδήλωσεν ὅτι αἱ Ἡνωμέναι Πολιτεῖαι δὲν θὰ ἐγκαταλείψουν τὸ Βερολῖνον.

Κατὰ τοὺς διπλωματικοὺς κύκλους, ἡ σοβιετικὴ στάσις δυσχεραίνει τὴν προετοιμασίαν τῆς διασκέψεως κορυφῆς.

Ἡ ἀμερικανικὴ κυβέρνησις ἐξετάζει τὰ μέτρα τὰ ὁποῖα θὰ ληφθοῦν ἐν περιπτώσει ἀποκλεισμοῦ τῆς πόλεως.

ΟΙ ΦΟΒΟΙ ΤΩΝ ΔΥΤΙΚΩΝ

ΟΥΑΣΙΓΚΤΩΝ, 9. (Ἀσοσ. Πρές).— Οἱ φόβοι τῶν δυτικῶν διὰ τὴν τύχην τοῦ Βερολίνου αὐξάνονται.

ΕΝΤΥΠΩΣΙΣ ΕΙΣ ΒΟΝΝΗΝ

ΒΟΝΝΗ, 9. (Ἀσοσ. Πρές).— Αἱ δηλώσεις τοῦ κ. Κρουστσὲφ προεκάλεσαν δυσμενῆ ἐντύπωσιν εἰς τοὺς κυβερνητικοὺς κύκλους.

Ὁ καγκελλάριος Ἀντενάουερ συνεκάλεσε σύσκεψιν.

Τὸ Λονδῖνον καὶ τὸ Παρίσι ἐκφράζουν ἐπίσης τὴν ἀνησυχίαν των διὰ τὴν σοβιετικὴν στάσιν.

Ἀναμένεται ὅτι οἱ ὑπουργοὶ Ἐξωτερικῶν τῶν τεσσάρων δυτικῶν χωρῶν θὰ συναντηθοῦν.

ΑΙ ΠΛΕΟΝ ΤΟΛΜΗΡΑΙ

ΒΟΝΝΗ, 9. (Ἀσοσ. Πρές).— Αἱ πλέον τολμηραὶ προβλέψεις ἀναφέρουν ὅτι ἡ κρίσις θὰ ἐπιδεινωθῇ.

Ἡ Δυτικὴ Γερμανία ζητεῖ τὴν ἐνίσχυσιν τῆς ἀμυντικῆς θέσεως τοῦ ΝΑΤΟ.
